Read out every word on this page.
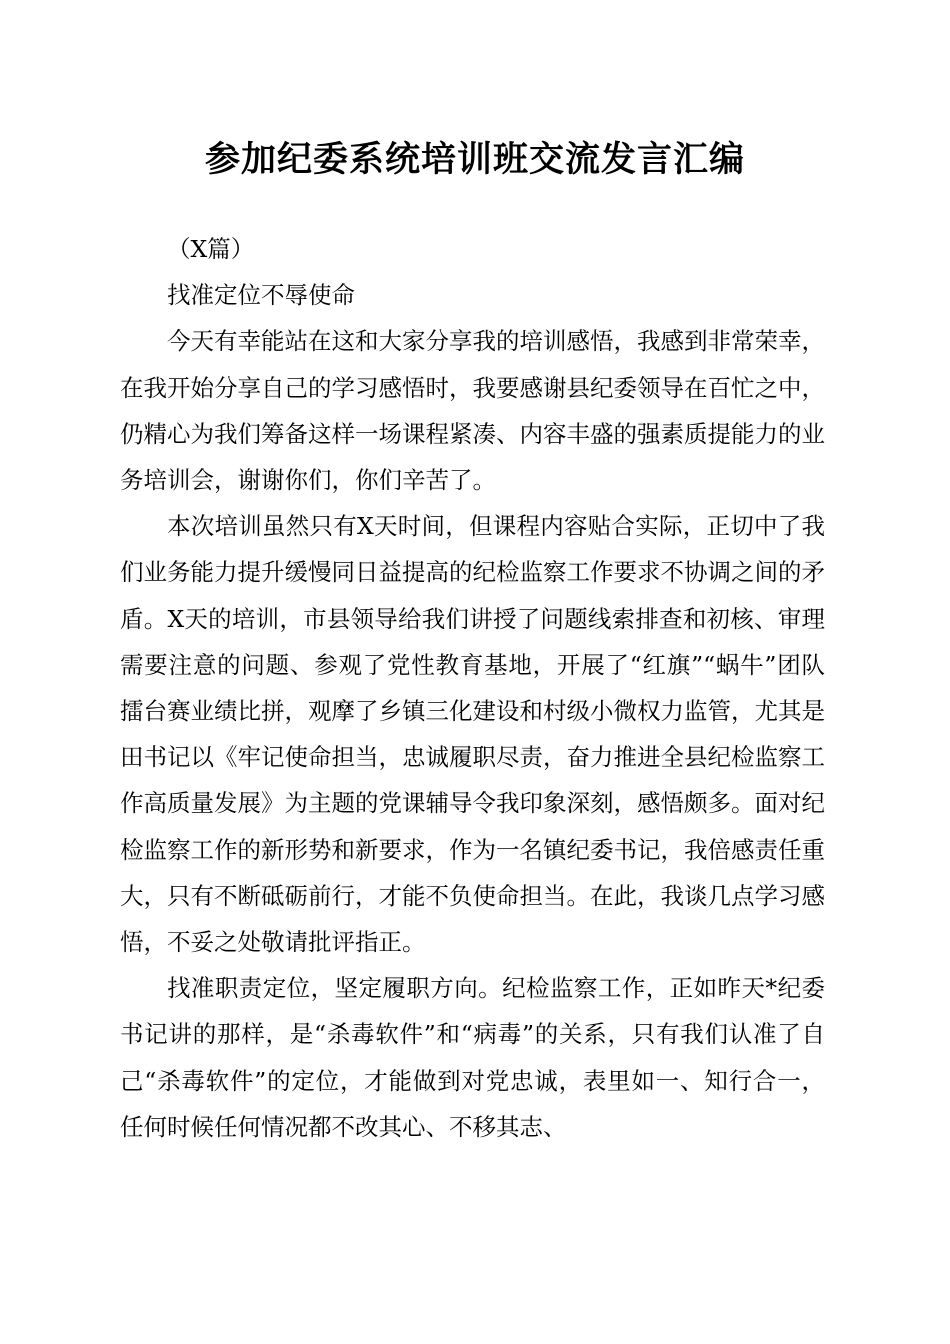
参加纪委系统培训班交流发言汇编

（X篇）

找准定位不辱使命

今天有幸能站在这和大家分享我的培训感悟，我感到非常荣幸，在我开始分享自己的学习感悟时，我要感谢县纪委领导在百忙之中，仍精心为我们筹备这样一场课程紧凑、内容丰盛的强素质提能力的业务培训会，谢谢你们，你们辛苦了。

本次培训虽然只有X天时间，但课程内容贴合实际，正切中了我们业务能力提升缓慢同日益提高的纪检监察工作要求不协调之间的矛盾。X天的培训，市县领导给我们讲授了问题线索排查和初核、审理需要注意的问题、参观了党性教育基地，开展了“红旗”“蜗牛”团队擂台赛业绩比拼，观摩了乡镇三化建设和村级小微权力监管，尤其是田书记以《牢记使命担当，忠诚履职尽责，奋力推进全县纪检监察工作高质量发展》为主题的党课辅导令我印象深刻，感悟颇多。面对纪检监察工作的新形势和新要求，作为一名镇纪委书记，我倍感责任重大，只有不断砥砺前行，才能不负使命担当。在此，我谈几点学习感悟，不妥之处敬请批评指正。

找准职责定位，坚定履职方向。纪检监察工作，正如昨天*纪委书记讲的那样，是“杀毒软件”和“病毒”的关系，只有我们认准了自己“杀毒软件”的定位，才能做到对党忠诚，表里如一、知行合一，任何时候任何情况都不改其心、不移其志、
